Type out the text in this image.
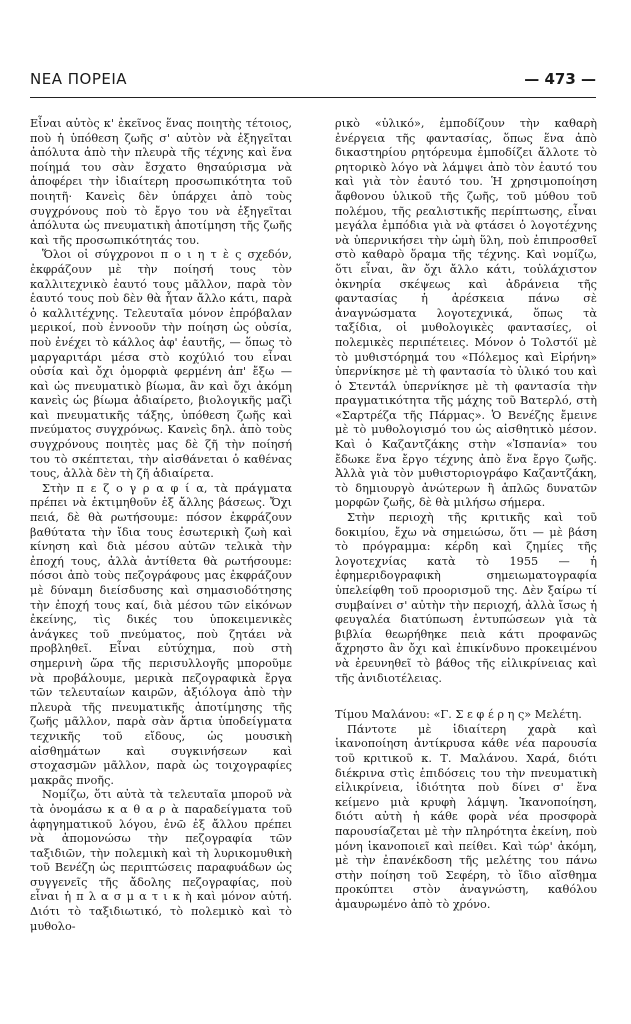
ΝΕΑ ΠΟΡΕΙΑ	— 473 —

Εἶναι αὐτὸς κ' ἐκεῖνος ἕνας ποιητὴς τέτοιος, ποὺ ἡ ὑπόθεση ζωῆς σ' αὐτὸν νὰ ἐξηγεῖται ἀπόλυτα ἀπὸ τὴν πλευρὰ τῆς τέχνης καὶ ἕνα ποίημά του σὰν ἔσχατο θησαύρισμα νὰ ἀποφέρει τὴν ἰδιαίτερη προσωπικότητα τοῦ ποιητῆ· Κανεὶς δὲν ὑπάρχει ἀπὸ τοὺς συγχρόνους ποὺ τὸ ἔργο του νὰ ἐξηγεῖται ἀπόλυτα ὡς πνευματικὴ ἀποτίμηση τῆς ζωῆς καὶ τῆς προσωπικότητάς του.

Ὅλοι οἱ σύγχρονοι π ο ι η τ ὲ ς σχεδόν, ἐκφράζουν μὲ τὴν ποίησή τους τὸν καλλιτεχνικὸ ἑαυτό τους μᾶλλον, παρὰ τὸν ἑαυτό τους ποὺ δὲν θὰ ἦταν ἄλλο κάτι, παρὰ ὁ καλλιτέχνης. Τελευταῖα μόνον ἐπρόβαλαν μερικοί, ποὺ ἐννοοῦν τὴν ποίηση ὡς οὐσία, ποὺ ἐνέχει τὸ κάλλος ἀφ' ἑαυτῆς, — ὅπως τὸ μαργαριτάρι μέσα στὸ κοχύλιό του εἶναι οὐσία καὶ ὄχι ὁμορφιὰ φερμένη ἀπ' ἔξω — καὶ ὡς πνευματικὸ βίωμα, ἂν καὶ ὄχι ἀκόμη κανεὶς ὡς βίωμα ἀδιαίρετο, βιολογικῆς μαζὶ καὶ πνευματικῆς τάξης, ὑπόθεση ζωῆς καὶ πνεύματος συγχρόνως. Κανεὶς δηλ. ἀπὸ τοὺς συγχρόνους ποιητὲς μας δὲ ζῆ τὴν ποίησή του τὸ σκέπτεται, τὴν αἰσθάνεται ὁ καθένας τους, ἀλλὰ δὲν τὴ ζῆ ἀδιαίρετα.

Στὴν π ε ζ ο γ ρ α φ ί α, τὰ πράγματα πρέπει νὰ ἐκτιμηθοῦν ἐξ ἄλλης βάσεως. Ὄχι πειά, δὲ θὰ ρωτήσουμε: πόσον ἐκφράζουν βαθύτατα τὴν ἴδια τους ἐσωτερικὴ ζωὴ καὶ κίνηση καὶ διὰ μέσου αὐτῶν τελικὰ τὴν ἐποχή τους, ἀλλὰ ἀντίθετα θὰ ρωτήσουμε: πόσοι ἀπὸ τοὺς πεζογράφους μας ἐκφράζουν μὲ δύναμη διείσδυσης καὶ σημασιοδότησης τὴν ἐποχή τους καί, διὰ μέσου τῶν εἰκόνων ἐκείνης, τὶς δικές του ὑποκειμενικὲς ἀνάγκες τοῦ πνεύματος, ποὺ ζητάει νὰ προβληθεῖ. Εἶναι εὐτύχημα, ποὺ στὴ σημερινὴ ὥρα τῆς περισυλλογῆς μποροῦμε νὰ προβάλουμε, μερικὰ πεζογραφικὰ ἔργα τῶν τελευταίων καιρῶν, ἀξιόλογα ἀπὸ τὴν πλευρὰ τῆς πνευματικῆς ἀποτίμησης τῆς ζωῆς μᾶλλον, παρὰ σὰν ἄρτια ὑποδείγματα τεχνικῆς τοῦ εἴδους, ὡς μουσικὴ αἰσθημάτων καὶ συγκινήσεων καὶ στοχασμῶν μᾶλλον, παρὰ ὡς τοιχογραφίες μακρᾶς πνοῆς.

Νομίζω, ὅτι αὐτὰ τὰ τελευταῖα μποροῦ νὰ τὰ ὀνομάσω κ α θ α ρ ὰ παραδείγματα τοῦ ἀφηγηματικοῦ λόγου, ἐνῶ ἐξ ἄλλου πρέπει νὰ ἀπομονώσω τὴν πεζογραφία τῶν ταξιδιῶν, τὴν πολεμικὴ καὶ τὴ λυρικομυθικὴ τοῦ Βενέζη ὡς περιπτώσεις παραφυάδων ὡς συγγενεῖς τῆς ἄδολης πεζογραφίας, ποὺ εἶναι ἡ π λ α σ μ α τ ι κ ὴ καὶ μόνον αὐτή. Διότι τὸ ταξιδιωτικό, τὸ πολεμικὸ καὶ τὸ μυθολο-

ρικὸ «ὑλικό», ἐμποδίζουν τὴν καθαρὴ ἐνέργεια τῆς φαντασίας, ὅπως ἕνα ἀπὸ δικαστηρίου ρητόρευμα ἐμποδίζει ἄλλοτε τὸ ρητορικὸ λόγο νὰ λάμψει ἀπὸ τὸν ἑαυτό του καὶ γιὰ τὸν ἑαυτό του. Ἡ χρησιμοποίηση ἄφθονου ὑλικοῦ τῆς ζωῆς, τοῦ μύθου τοῦ πολέμου, τῆς ρεαλιστικῆς περίπτωσης, εἶναι μεγάλα ἐμπόδια γιὰ νὰ φτάσει ὁ λογοτέχνης νὰ ὑπερνικήσει τὴν ὠμὴ ὕλη, ποὺ ἐπιπροσθεῖ στὸ καθαρὸ ὅραμα τῆς τέχνης. Καὶ νομίζω, ὅτι εἶναι, ἂν ὄχι ἄλλο κάτι, τοὐλάχιστον ὀκνηρία σκέψεως καὶ ἀδράνεια τῆς φαντασίας ἡ ἀρέσκεια πάνω σὲ ἀναγνώσματα λογοτεχνικά, ὅπως τὰ ταξίδια, οἱ μυθολογικὲς φαντασίες, οἱ πολεμικὲς περιπέτειες. Μόνον ὁ Τολστόϊ μὲ τὸ μυθιστόρημά του «Πόλεμος καὶ Εἰρήνη» ὑπερνίκησε μὲ τὴ φαντασία τὸ ὑλικό του καὶ ὁ Στεντάλ ὑπερνίκησε μὲ τὴ φαντασία τὴν πραγματικότητα τῆς μάχης τοῦ Βατερλό, στὴ «Σαρτρέζα τῆς Πάρμας». Ὁ Βενέζης ἔμεινε μὲ τὸ μυθολογισμό του ὡς αἰσθητικὸ μέσον. Καὶ ὁ Καζαντζάκης στὴν «Ἰσπανία» του ἔδωκε ἕνα ἔργο τέχνης ἀπὸ ἕνα ἔργο ζωῆς. Ἀλλὰ γιὰ τὸν μυθιστοριογράφο Καζαντζάκη, τὸ δημιουργὸ ἀνώτερων ἢ ἁπλῶς δυνατῶν μορφῶν ζωῆς, δὲ θὰ μιλήσω σήμερα.

Στὴν περιοχὴ τῆς κριτικῆς καὶ τοῦ δοκιμίου, ἔχω νὰ σημειώσω, ὅτι — μὲ βάση τὸ πρόγραμμα: κέρδη καὶ ζημίες τῆς λογοτεχνίας κατὰ τὸ 1955 — ἡ ἐφημεριδογραφικὴ σημειωματογραφία ὑπελείφθη τοῦ προορισμοῦ της. Δὲν ξαίρω τί συμβαίνει σ' αὐτὴν τὴν περιοχή, ἀλλὰ ἴσως ἡ φευγαλέα διατύπωση ἐντυπώσεων γιὰ τὰ βιβλία θεωρήθηκε πειὰ κάτι προφανῶς ἄχρηστο ἂν ὄχι καὶ ἐπικίνδυνο προκειμένου νὰ ἐρευνηθεῖ τὸ βάθος τῆς εἰλικρίνειας καὶ τῆς ἀνιδιοτέλειας.

Τίμου Μαλάνου: «Γ. Σ ε φ έ ρ η ς» Μελέτη.

Πάντοτε μὲ ἰδιαίτερη χαρὰ καὶ ἱκανοποίηση ἀντίκρυσα κάθε νέα παρουσία τοῦ κριτικοῦ κ. Τ. Μαλάνου. Χαρά, διότι διέκρινα στὶς ἐπιδόσεις του τὴν πνευματικὴ εἰλικρίνεια, ἰδιότητα ποὺ δίνει σ' ἕνα κείμενο μιὰ κρυφὴ λάμψη. Ἱκανοποίηση, διότι αὐτὴ ἡ κάθε φορὰ νέα προσφορὰ παρουσίαζεται μὲ τὴν πληρότητα ἐκείνη, ποὺ μόνη ἱκανοποιεῖ καὶ πείθει. Καὶ τώρ' ἀκόμη, μὲ τὴν ἐπανέκδοση τῆς μελέτης του πάνω στὴν ποίηση τοῦ Σεφέρη, τὸ ἴδιο αἴσθημα προκύπτει στὸν ἀναγνώστη, καθόλου ἀμαυρωμένο ἀπὸ τὸ χρόνο.
